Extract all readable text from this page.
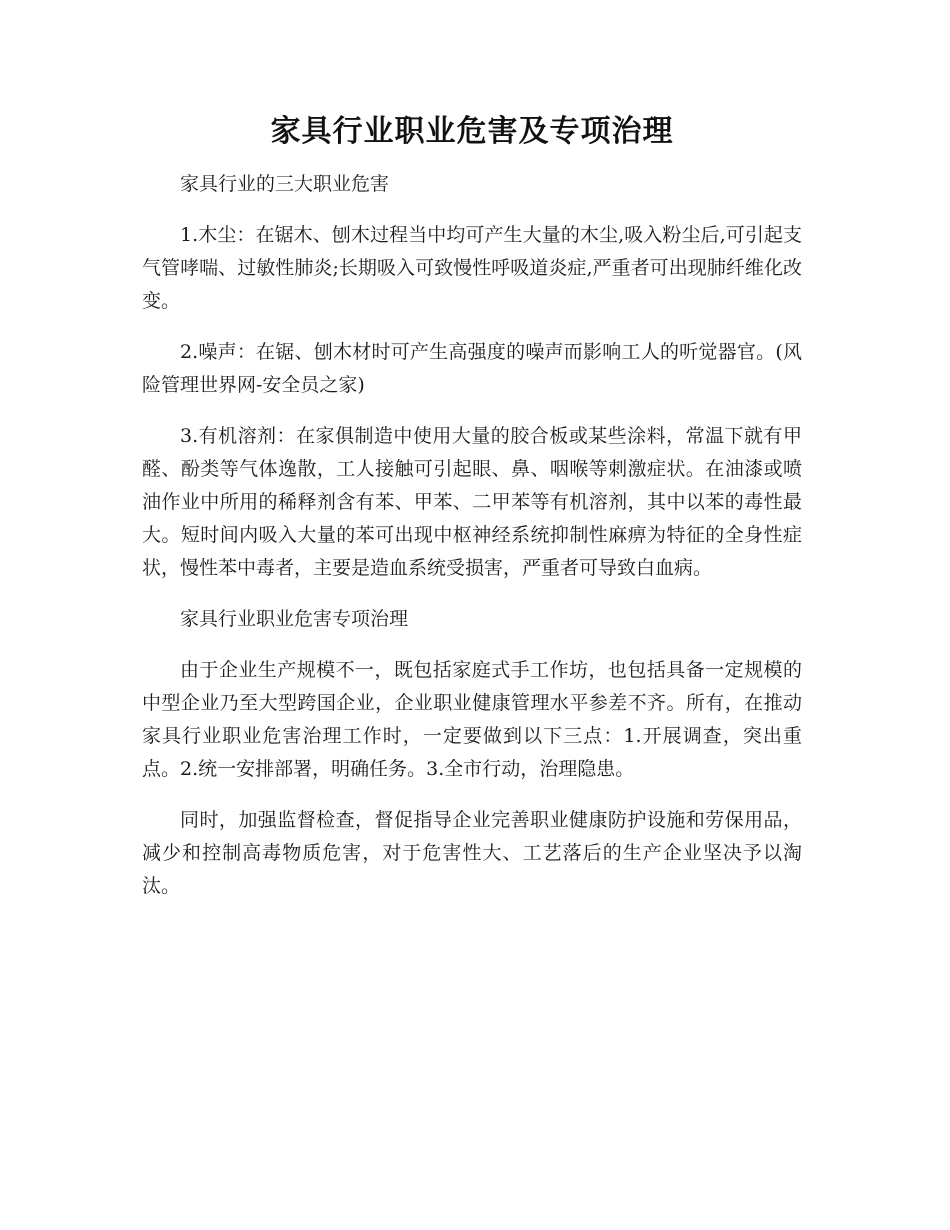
家具行业职业危害及专项治理

家具行业的三大职业危害

1.木尘：在锯木、刨木过程当中均可产生大量的木尘,吸入粉尘后,可引起支气管哮喘、过敏性肺炎;长期吸入可致慢性呼吸道炎症,严重者可出现肺纤维化改变。

2.噪声：在锯、刨木材时可产生高强度的噪声而影响工人的听觉器官。(风险管理世界网-安全员之家)

3.有机溶剂：在家俱制造中使用大量的胶合板或某些涂料，常温下就有甲醛、酚类等气体逸散，工人接触可引起眼、鼻、咽喉等刺激症状。在油漆或喷油作业中所用的稀释剂含有苯、甲苯、二甲苯等有机溶剂，其中以苯的毒性最大。短时间内吸入大量的苯可出现中枢神经系统抑制性麻痹为特征的全身性症状，慢性苯中毒者，主要是造血系统受损害，严重者可导致白血病。

家具行业职业危害专项治理

由于企业生产规模不一，既包括家庭式手工作坊，也包括具备一定规模的中型企业乃至大型跨国企业，企业职业健康管理水平参差不齐。所有，在推动家具行业职业危害治理工作时，一定要做到以下三点：1.开展调查，突出重点。2.统一安排部署，明确任务。3.全市行动，治理隐患。

同时，加强监督检查，督促指导企业完善职业健康防护设施和劳保用品，减少和控制高毒物质危害，对于危害性大、工艺落后的生产企业坚决予以淘汰。
